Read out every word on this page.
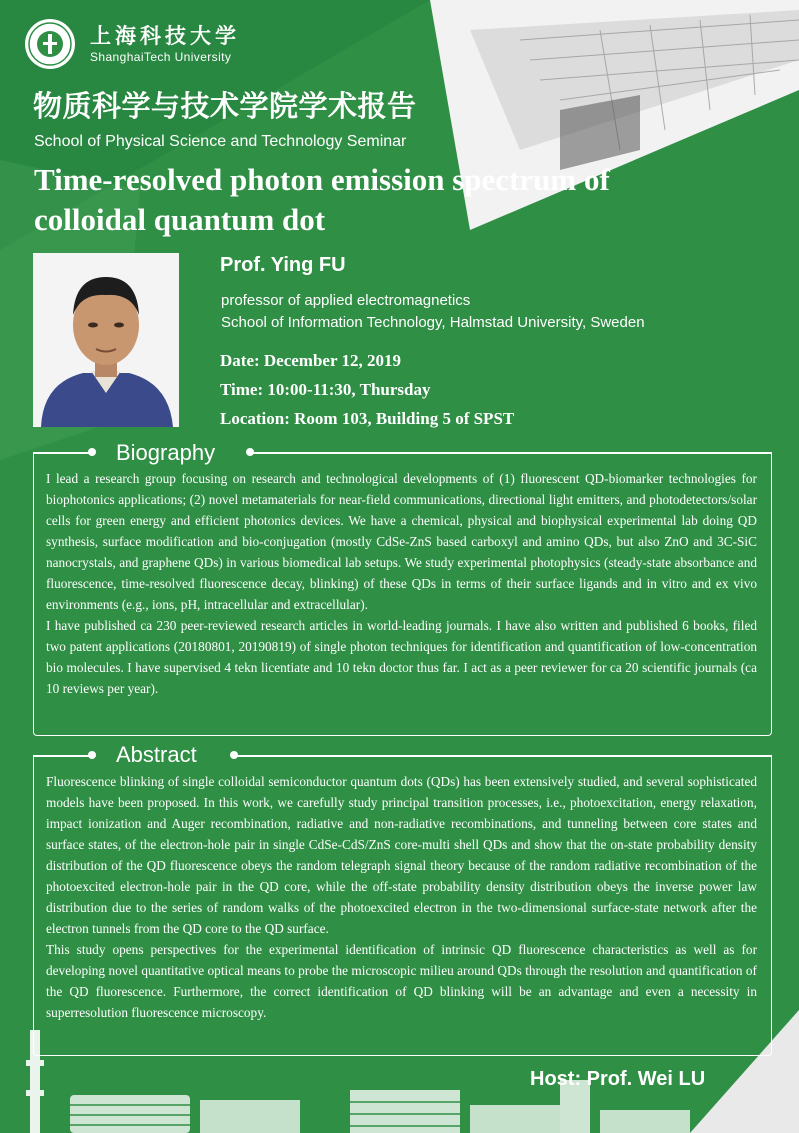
上海科技大学
ShanghaiTech University
物质科学与技术学院学术报告
School of Physical Science and Technology Seminar
Time-resolved photon emission spectrum of
colloidal quantum dot
Prof. Ying FU
professor of applied electromagnetics
School of Information Technology, Halmstad University, Sweden
Date: December 12, 2019
Time: 10:00-11:30, Thursday
Location: Room 103, Building 5 of SPST
Biography

I lead a research group focusing on research and technological developments of (1) fluorescent QD-biomarker technologies for biophotonics applications; (2) novel metamaterials for near-field communications, directional light emitters, and photodetectors/solar cells for green energy and efficient photonics devices. We have a chemical, physical and biophysical experimental lab doing QD synthesis, surface modification and bio-conjugation (mostly CdSe-ZnS based carboxyl and amino QDs, but also ZnO and 3C-SiC nanocrystals, and graphene QDs) in various biomedical lab setups. We study experimental photophysics (steady-state absorbance and fluorescence, time-resolved fluorescence decay, blinking) of these QDs in terms of their surface ligands and in vitro and ex vivo environments (e.g., ions, pH, intracellular and extracellular).

I have published ca 230 peer-reviewed research articles in world-leading journals. I have also written and published 6 books, filed two patent applications (20180801, 20190819) of single photon techniques for identification and quantification of low-concentration bio molecules. I have supervised 4 tekn licentiate and 10 tekn doctor thus far. I act as a peer reviewer for ca 20 scientific journals (ca 10 reviews per year).

Abstract

Fluorescence blinking of single colloidal semiconductor quantum dots (QDs) has been extensively studied, and several sophisticated models have been proposed. In this work, we carefully study principal transition processes, i.e., photoexcitation, energy relaxation, impact ionization and Auger recombination, radiative and non-radiative recombinations, and tunneling between core states and surface states, of the electron-hole pair in single CdSe-CdS/ZnS core-multi shell QDs and show that the on-state probability density distribution of the QD fluorescence obeys the random telegraph signal theory because of the random radiative recombination of the photoexcited electron-hole pair in the QD core, while the off-state probability density distribution obeys the inverse power law distribution due to the series of random walks of the photoexcited electron in the two-dimensional surface-state network after the electron tunnels from the QD core to the QD surface.

This study opens perspectives for the experimental identification of intrinsic QD fluorescence characteristics as well as for developing novel quantitative optical means to probe the microscopic milieu around QDs through the resolution and quantification of the QD fluorescence. Furthermore, the correct identification of QD blinking will be an advantage and even a necessity in superresolution fluorescence microscopy.

Host: Prof. Wei LU
